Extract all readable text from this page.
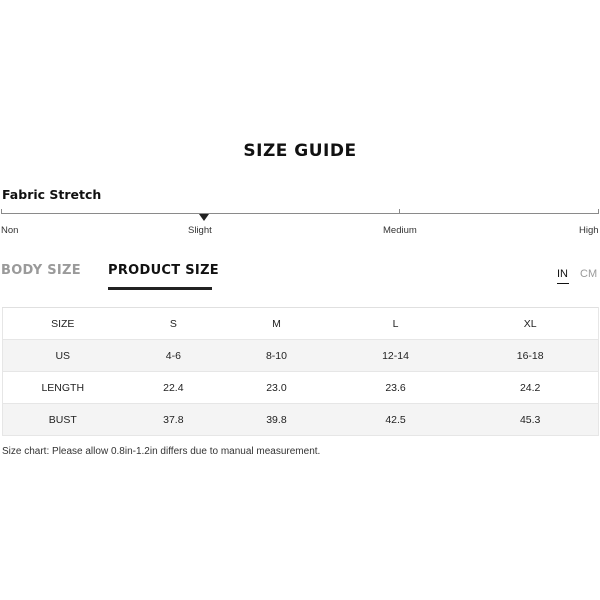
SIZE GUIDE
Fabric Stretch
Non	Slight	Medium	High
BODY SIZE PRODUCT SIZE	IN CM
SIZE	S	M	L	XL
US	4-6	8-10	12-14	16-18
LENGTH	22.4	23.0	23.6	24.2
BUST	37.8	39.8	42.5	45.3
Size chart: Please allow 0.8in-1.2in differs due to manual measurement.
